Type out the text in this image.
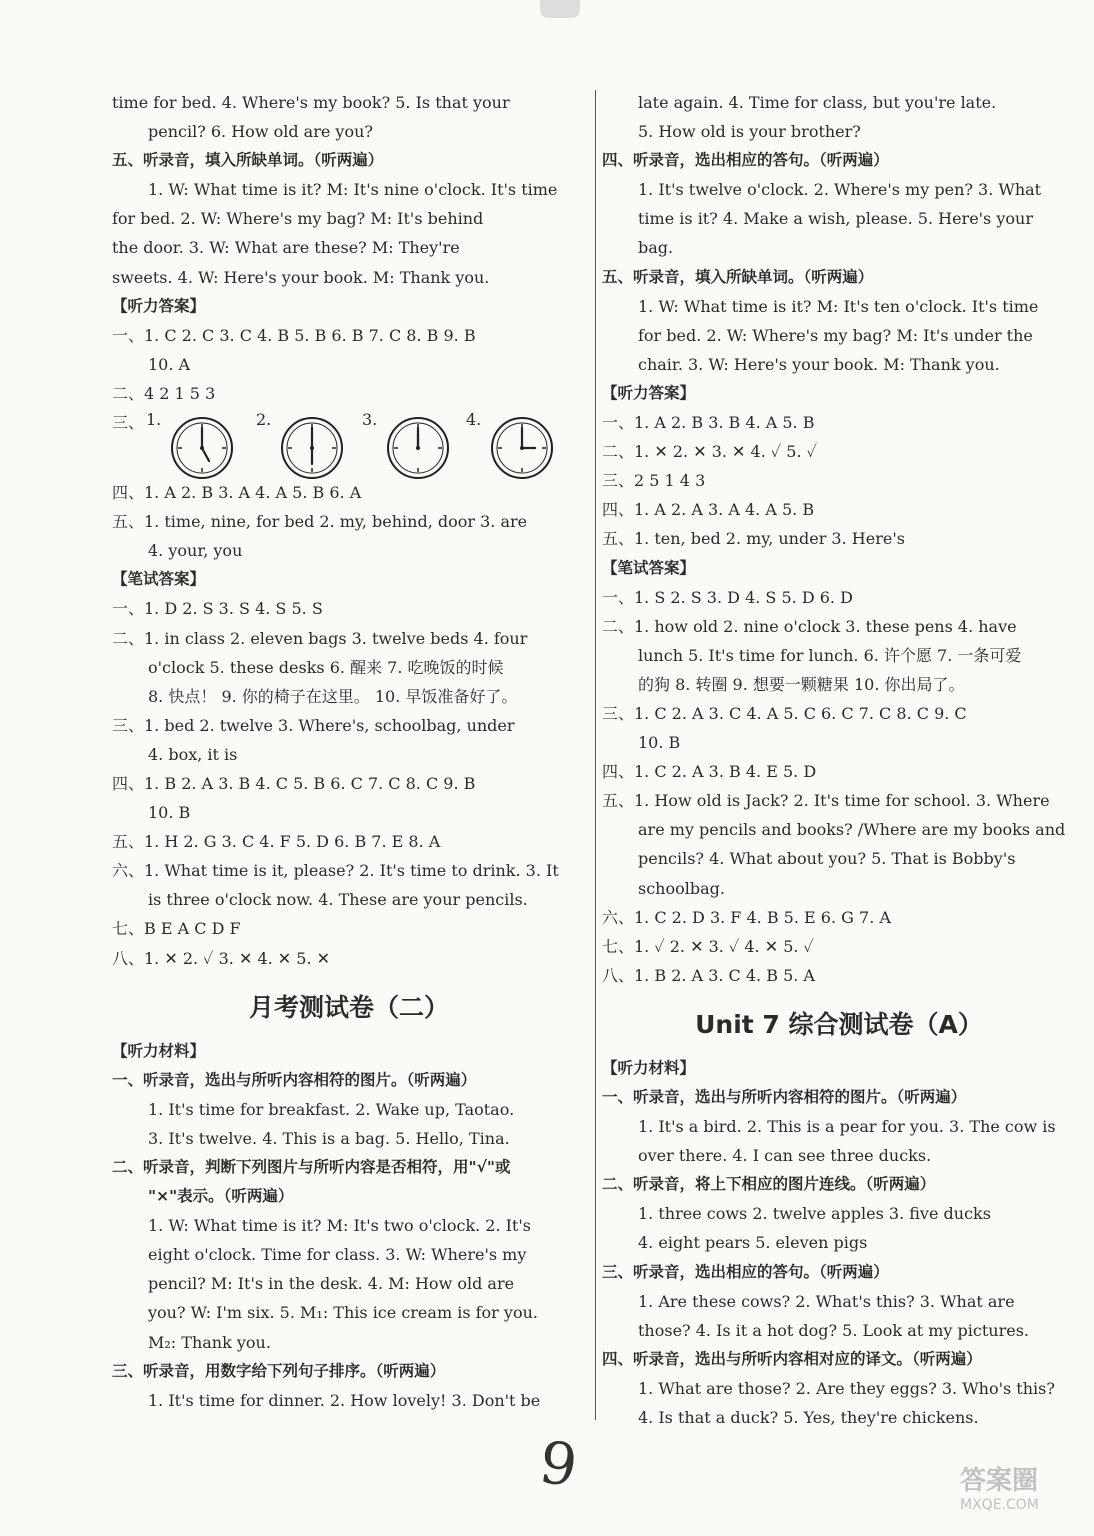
time for bed. 4. Where's my book? 5. Is that your
pencil? 6. How old are you?
五、听录音，填入所缺单词。（听两遍）
1. W: What time is it? M: It's nine o'clock. It's time
for bed. 2. W: Where's my bag? M: It's behind
the door. 3. W: What are these? M: They're
sweets. 4. W: Here's your book. M: Thank you.
【听力答案】
一、1. C 2. C 3. C 4. B 5. B 6. B 7. C 8. B 9. B
10. A
二、4 2 1 5 3
三、 1.	2.	3.	4.
四、1. A 2. B 3. A 4. A 5. B 6. A
五、1. time, nine, for bed 2. my, behind, door 3. are
4. your, you
【笔试答案】
一、1. D 2. S 3. S 4. S 5. S
二、1. in class 2. eleven bags 3. twelve beds 4. four
o'clock 5. these desks 6. 醒来 7. 吃晚饭的时候
8. 快点！ 9. 你的椅子在这里。 10. 早饭准备好了。
三、1. bed 2. twelve 3. Where's, schoolbag, under
4. box, it is
四、1. B 2. A 3. B 4. C 5. B 6. C 7. C 8. C 9. B
10. B
五、1. H 2. G 3. C 4. F 5. D 6. B 7. E 8. A
六、1. What time is it, please? 2. It's time to drink. 3. It
is three o'clock now. 4. These are your pencils.
七、B E A C D F
八、1. ✕ 2. ✓ 3. ✕ 4. ✕ 5. ✕
月考测试卷（二）
【听力材料】
一、听录音，选出与所听内容相符的图片。（听两遍）
1. It's time for breakfast. 2. Wake up, Taotao.
3. It's twelve. 4. This is a bag. 5. Hello, Tina.
二、听录音，判断下列图片与所听内容是否相符，用"√"或
"×"表示。（听两遍）
1. W: What time is it? M: It's two o'clock. 2. It's
eight o'clock. Time for class. 3. W: Where's my
pencil? M: It's in the desk. 4. M: How old are
you? W: I'm six. 5. M₁: This ice cream is for you.
M₂: Thank you.
三、听录音，用数字给下列句子排序。（听两遍）
1. It's time for dinner. 2. How lovely! 3. Don't be
late again. 4. Time for class, but you're late.
5. How old is your brother?
四、听录音，选出相应的答句。（听两遍）
1. It's twelve o'clock. 2. Where's my pen? 3. What
time is it? 4. Make a wish, please. 5. Here's your
bag.
五、听录音，填入所缺单词。（听两遍）
1. W: What time is it? M: It's ten o'clock. It's time
for bed. 2. W: Where's my bag? M: It's under the
chair. 3. W: Here's your book. M: Thank you.
【听力答案】
一、1. A 2. B 3. B 4. A 5. B
二、1. ✕ 2. ✕ 3. ✕ 4. ✓ 5. ✓
三、2 5 1 4 3
四、1. A 2. A 3. A 4. A 5. B
五、1. ten, bed 2. my, under 3. Here's
【笔试答案】
一、1. S 2. S 3. D 4. S 5. D 6. D
二、1. how old 2. nine o'clock 3. these pens 4. have
lunch 5. It's time for lunch. 6. 许个愿 7. 一条可爱
的狗 8. 转圈 9. 想要一颗糖果 10. 你出局了。
三、1. C 2. A 3. C 4. A 5. C 6. C 7. C 8. C 9. C
10. B
四、1. C 2. A 3. B 4. E 5. D
五、1. How old is Jack? 2. It's time for school. 3. Where
are my pencils and books? /Where are my books and
pencils? 4. What about you? 5. That is Bobby's
schoolbag.
六、1. C 2. D 3. F 4. B 5. E 6. G 7. A
七、1. ✓ 2. ✕ 3. ✓ 4. ✕ 5. ✓
八、1. B 2. A 3. C 4. B 5. A
Unit 7 综合测试卷（A）
【听力材料】
一、听录音，选出与所听内容相符的图片。（听两遍）
1. It's a bird. 2. This is a pear for you. 3. The cow is
over there. 4. I can see three ducks.
二、听录音，将上下相应的图片连线。（听两遍）
1. three cows 2. twelve apples 3. five ducks
4. eight pears 5. eleven pigs
三、听录音，选出相应的答句。（听两遍）
1. Are these cows? 2. What's this? 3. What are
those? 4. Is it a hot dog? 5. Look at my pictures.
四、听录音，选出与所听内容相对应的译文。（听两遍）
1. What are those? 2. Are they eggs? 3. Who's this?
4. Is that a duck? 5. Yes, they're chickens.
9	答案圈
MXQE.COM
